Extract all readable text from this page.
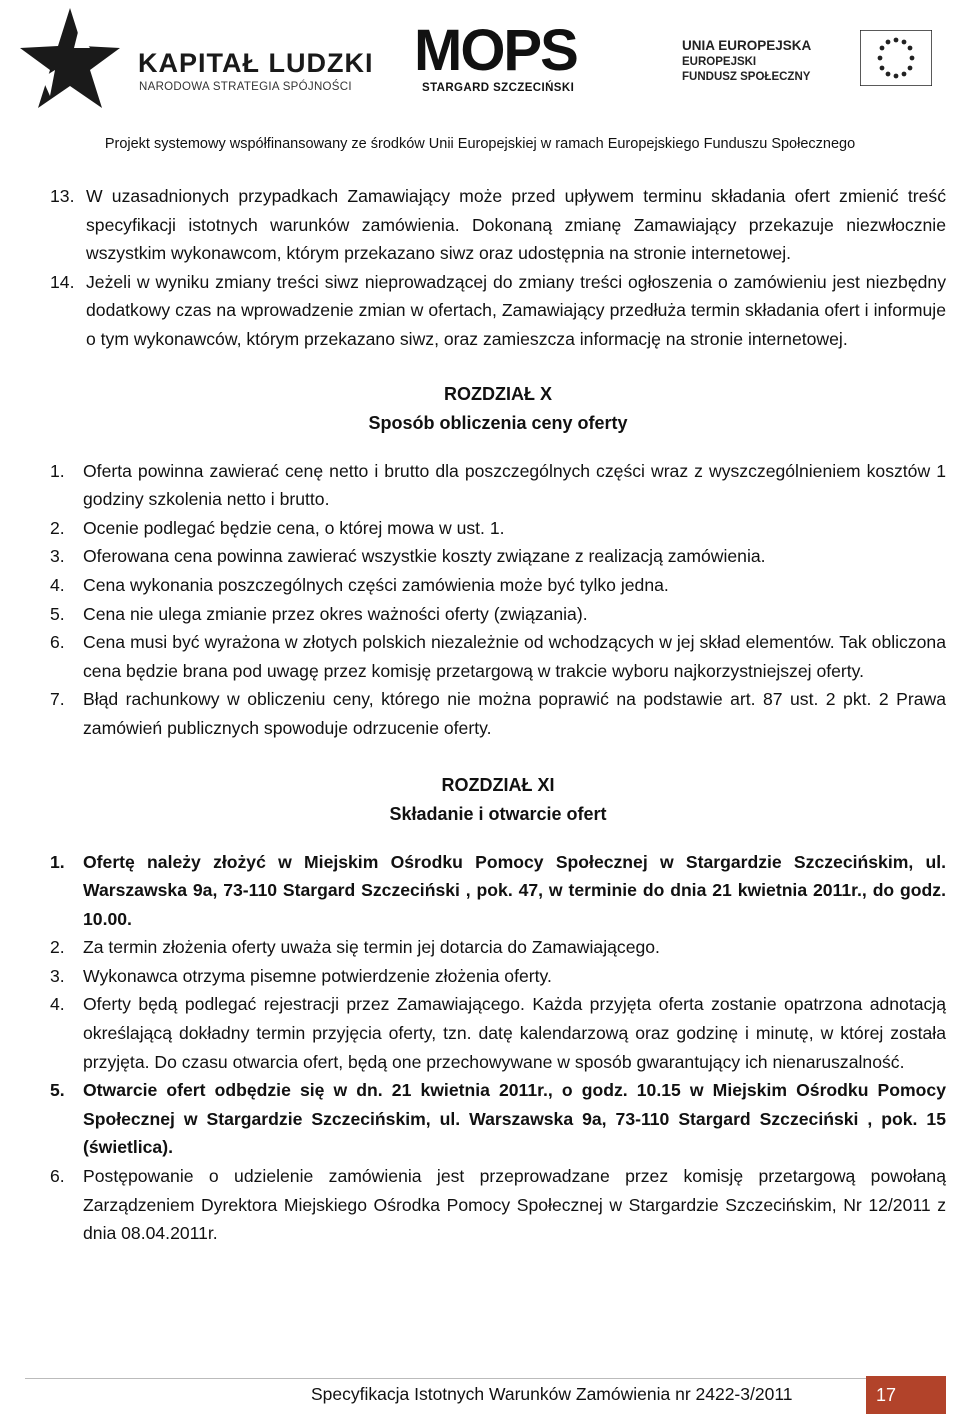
KAPITAŁ LUDZKI
NARODOWA STRATEGIA SPÓJNOŚCI
MOPS
STARGARD SZCZECIŃSKI
UNIA EUROPEJSKA
EUROPEJSKI
FUNDUSZ SPOŁECZNY
Projekt systemowy współfinansowany ze środków Unii Europejskiej w ramach Europejskiego Funduszu Społecznego
13. W uzasadnionych przypadkach Zamawiający może przed upływem terminu składania ofert zmienić treść specyfikacji istotnych warunków zamówienia. Dokonaną zmianę Zamawiający przekazuje niezwłocznie wszystkim wykonawcom, którym przekazano siwz oraz udostępnia na stronie internetowej.
14. Jeżeli w wyniku zmiany treści siwz nieprowadzącej do zmiany treści ogłoszenia o zamówieniu jest niezbędny dodatkowy czas na wprowadzenie zmian w ofertach, Zamawiający przedłuża termin składania ofert i informuje o tym wykonawców, którym przekazano siwz, oraz zamieszcza informację na stronie internetowej.
ROZDZIAŁ X
Sposób obliczenia ceny oferty
1. Oferta powinna zawierać cenę netto i brutto dla poszczególnych części wraz z wyszczególnieniem kosztów 1 godziny szkolenia netto i brutto.
2. Ocenie podlegać będzie cena, o której mowa w ust. 1.
3. Oferowana cena powinna zawierać wszystkie koszty związane z realizacją zamówienia.
4. Cena wykonania poszczególnych części zamówienia może być tylko jedna.
5. Cena nie ulega zmianie przez okres ważności oferty (związania).
6. Cena musi być wyrażona w złotych polskich niezależnie od wchodzących w jej skład elementów. Tak obliczona cena będzie brana pod uwagę przez komisję przetargową w trakcie wyboru najkorzystniejszej oferty.
7. Błąd rachunkowy w obliczeniu ceny, którego nie można poprawić na podstawie art. 87 ust. 2 pkt. 2 Prawa zamówień publicznych spowoduje odrzucenie oferty.
ROZDZIAŁ XI
Składanie i otwarcie ofert
1. Ofertę należy złożyć w Miejskim Ośrodku Pomocy Społecznej w Stargardzie Szczecińskim, ul. Warszawska 9a, 73-110 Stargard Szczeciński , pok. 47, w terminie do dnia 21 kwietnia 2011r., do godz. 10.00.
2. Za termin złożenia oferty uważa się termin jej dotarcia do Zamawiającego.
3. Wykonawca otrzyma pisemne potwierdzenie złożenia oferty.
4. Oferty będą podlegać rejestracji przez Zamawiającego. Każda przyjęta oferta zostanie opatrzona adnotacją określającą dokładny termin przyjęcia oferty, tzn. datę kalendarzową oraz godzinę i minutę, w której została przyjęta. Do czasu otwarcia ofert, będą one przechowywane w sposób gwarantujący ich nienaruszalność.
5. Otwarcie ofert odbędzie się w dn. 21 kwietnia 2011r., o godz. 10.15 w Miejskim Ośrodku Pomocy Społecznej w Stargardzie Szczecińskim, ul. Warszawska 9a, 73-110 Stargard Szczeciński , pok. 15 (świetlica).
6. Postępowanie o udzielenie zamówienia jest przeprowadzane przez komisję przetargową powołaną Zarządzeniem Dyrektora Miejskiego Ośrodka Pomocy Społecznej w Stargardzie Szczecińskim, Nr 12/2011 z dnia 08.04.2011r.
Specyfikacja Istotnych Warunków Zamówienia nr 2422-3/2011	17
